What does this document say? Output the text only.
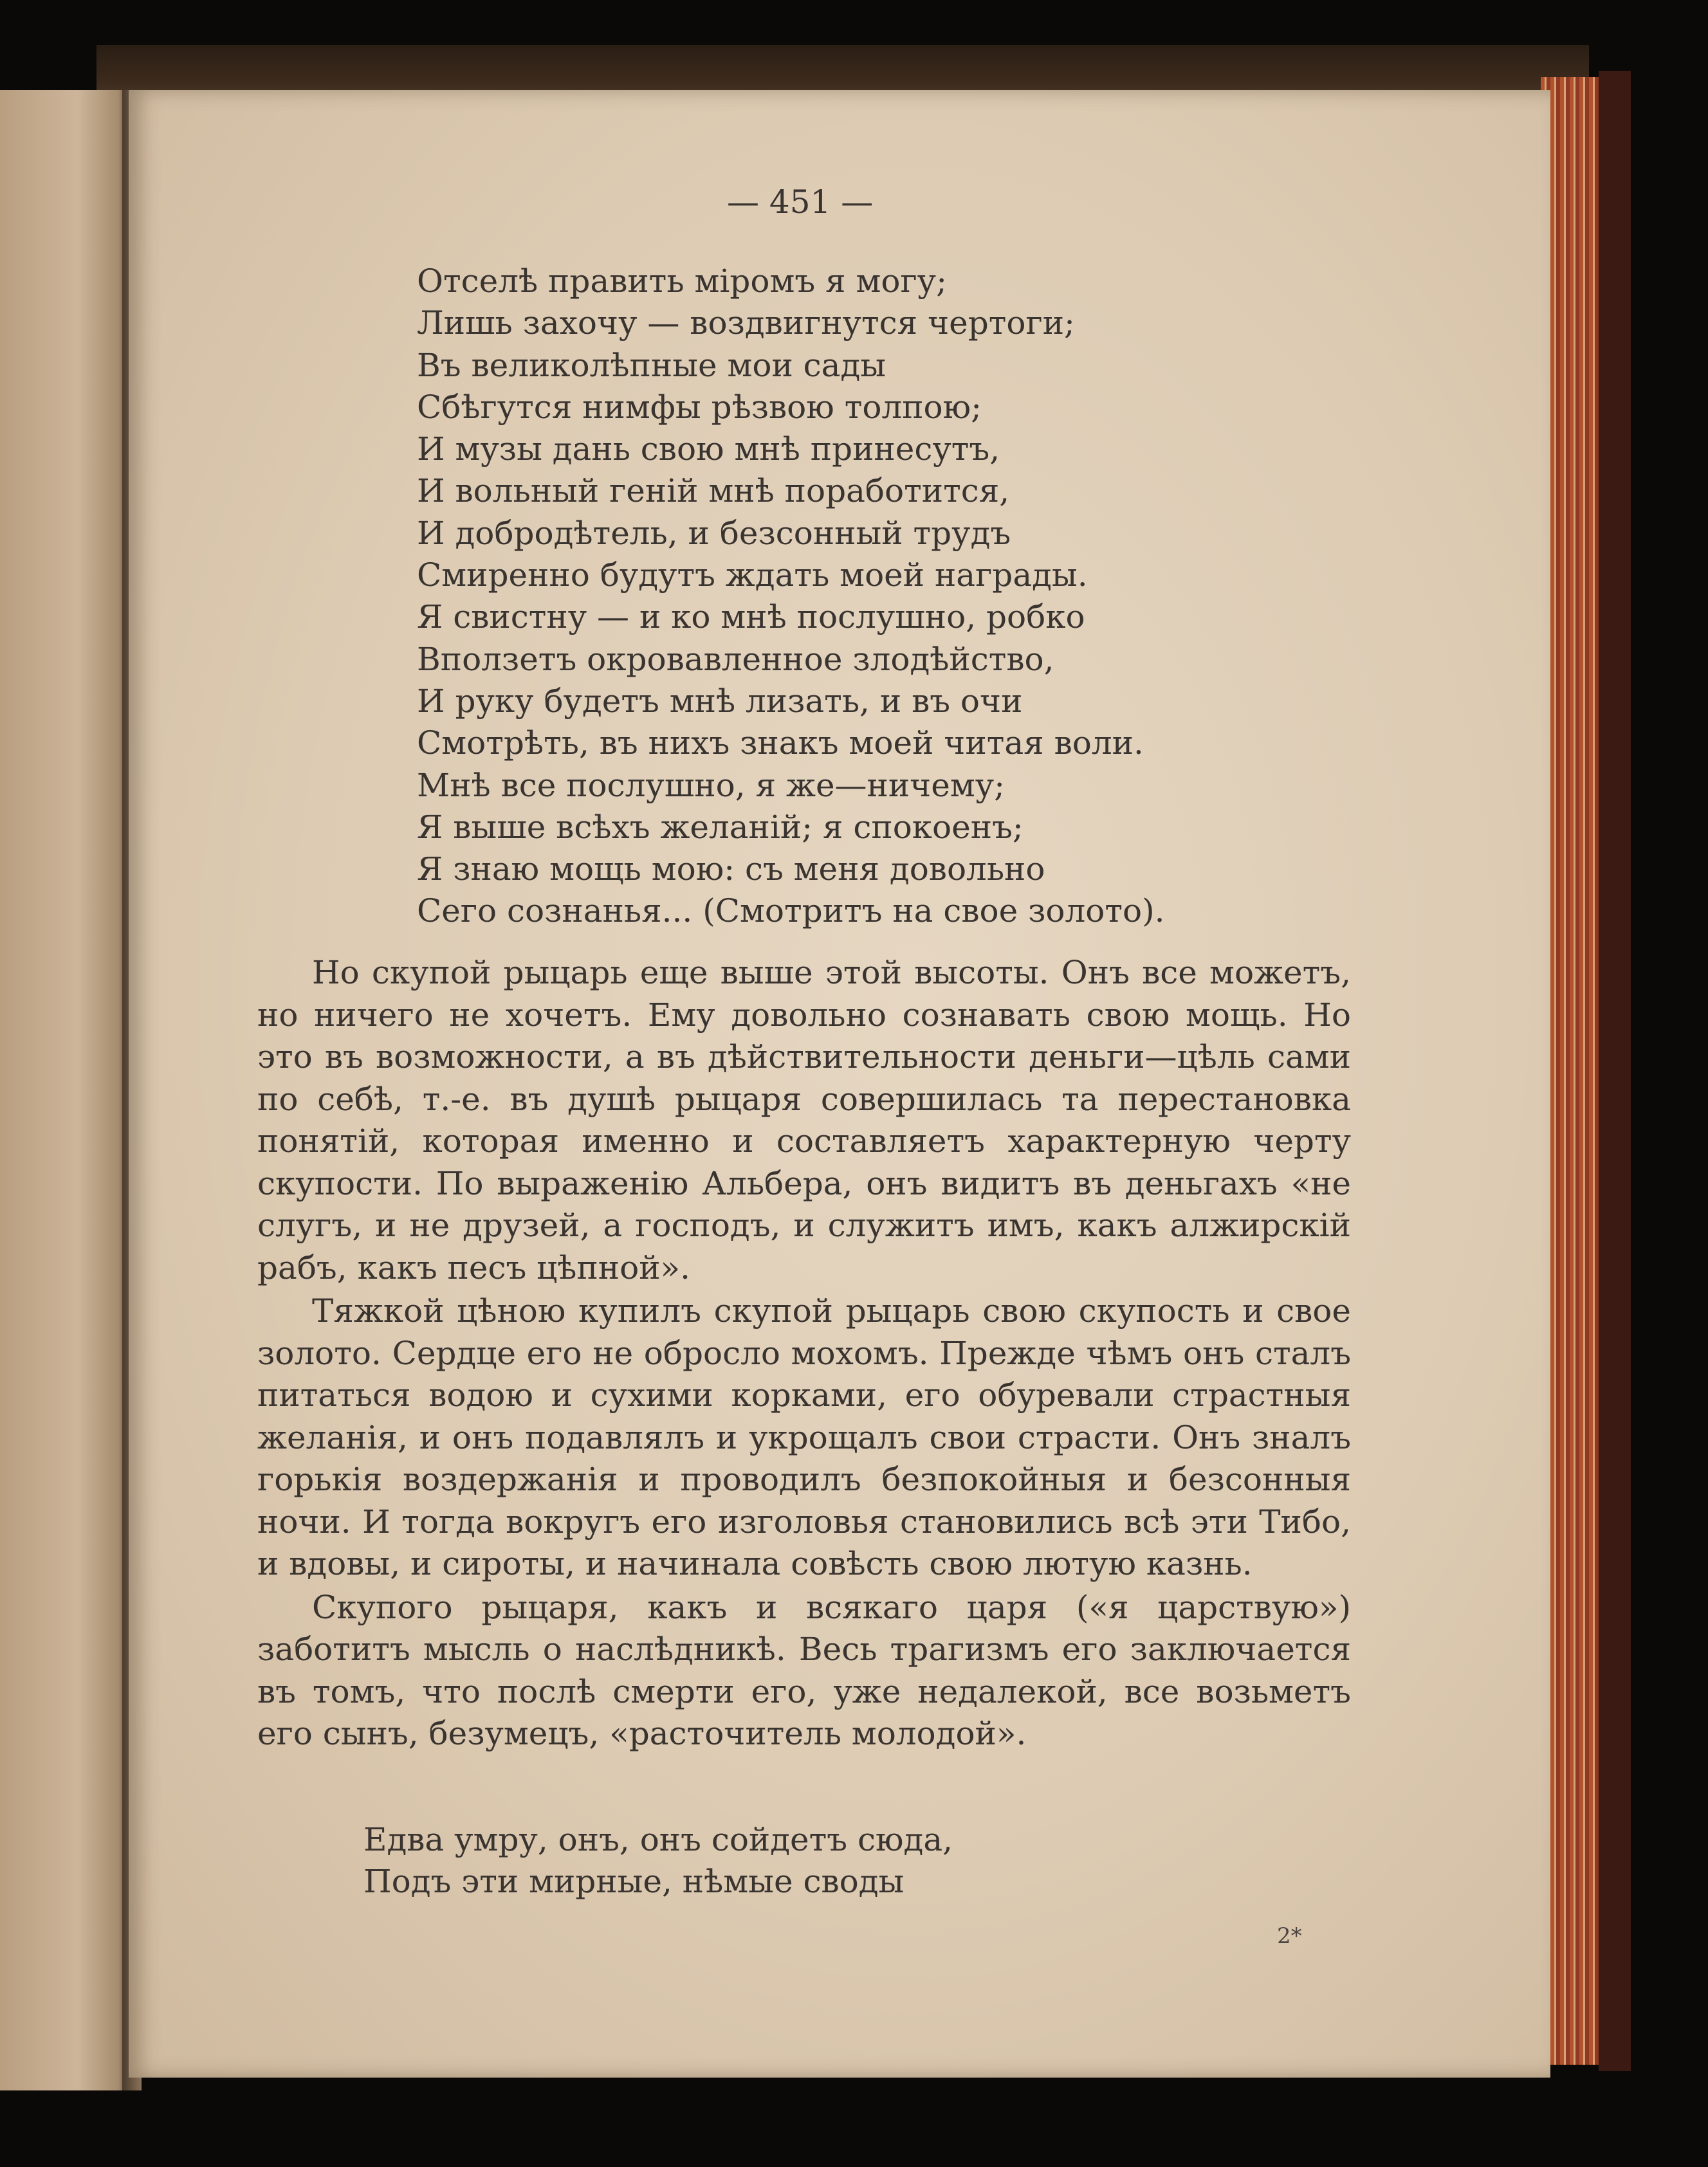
— 451 —
Отселѣ править міромъ я могу;
Лишь захочу — воздвигнутся чертоги;
Въ великолѣпные мои сады
Сбѣгутся нимфы рѣзвою толпою;
И музы дань свою мнѣ принесутъ,
И вольный геній мнѣ поработится,
И добродѣтель, и безсонный трудъ
Смиренно будутъ ждать моей награды.
Я свистну — и ко мнѣ послушно, робко
Вползетъ окровавленное злодѣйство,
И руку будетъ мнѣ лизать, и въ очи
Смотрѣть, въ нихъ знакъ моей читая воли.
Мнѣ все послушно, я же—ничему;
Я выше всѣхъ желаній; я спокоенъ;
Я знаю мощь мою: съ меня довольно
Сего сознанья... (Смотритъ на свое золото).

Но скупой рыцарь еще выше этой высоты. Онъ все можетъ, но ничего не хочетъ. Ему довольно сознавать свою мощь. Но это въ возможности, а въ дѣйствительности деньги—цѣль сами по себѣ, т.-е. въ душѣ рыцаря совершилась та перестановка понятій, которая именно и составляетъ характерную черту скупости. По выраженію Альбера, онъ видитъ въ деньгахъ «не слугъ, и не друзей, а господъ, и служитъ имъ, какъ алжирскій рабъ, какъ песъ цѣпной».

Тяжкой цѣною купилъ скупой рыцарь свою скупость и свое золото. Сердце его не обросло мохомъ. Прежде чѣмъ онъ сталъ питаться водою и сухими корками, его обуревали страстныя желанія, и онъ подавлялъ и укрощалъ свои страсти. Онъ зналъ горькія воздержанія и проводилъ безпокойныя и безсонныя ночи. И тогда вокругъ его изголовья становились всѣ эти Тибо, и вдовы, и сироты, и начинала совѣсть свою лютую казнь.

Скупого рыцаря, какъ и всякаго царя («я царствую») заботитъ мысль о наслѣдникѣ. Весь трагизмъ его заключается въ томъ, что послѣ смерти его, уже недалекой, все возьметъ его сынъ, безумецъ, «расточитель молодой».

Едва умру, онъ, онъ сойдетъ сюда,
Подъ эти мирные, нѣмые своды
2*
